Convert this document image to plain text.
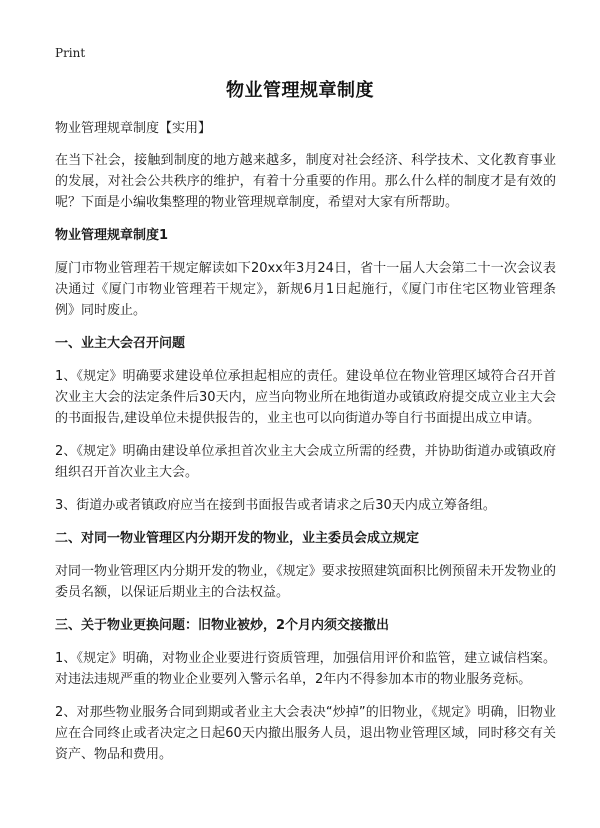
Print
物业管理规章制度
物业管理规章制度【实用】

在当下社会，接触到制度的地方越来越多，制度对社会经济、科学技术、文化教育事业的发展，对社会公共秩序的维护，有着十分重要的作用。那么什么样的制度才是有效的呢？下面是小编收集整理的物业管理规章制度，希望对大家有所帮助。

物业管理规章制度1

厦门市物业管理若干规定解读如下20xx年3月24日，省十一届人大会第二十一次会议表决通过《厦门市物业管理若干规定》，新规6月1日起施行，《厦门市住宅区物业管理条例》同时废止。

一、业主大会召开问题

1、《规定》明确要求建设单位承担起相应的责任。建设单位在物业管理区域符合召开首次业主大会的法定条件后30天内，应当向物业所在地街道办或镇政府提交成立业主大会的书面报告,建设单位未提供报告的，业主也可以向街道办等自行书面提出成立申请。

2、《规定》明确由建设单位承担首次业主大会成立所需的经费，并协助街道办或镇政府组织召开首次业主大会。

3、街道办或者镇政府应当在接到书面报告或者请求之后30天内成立筹备组。

二、对同一物业管理区内分期开发的物业，业主委员会成立规定

对同一物业管理区内分期开发的物业，《规定》要求按照建筑面积比例预留未开发物业的委员名额，以保证后期业主的合法权益。

三、关于物业更换问题：旧物业被炒，2个月内须交接撤出

1、《规定》明确，对物业企业要进行资质管理，加强信用评价和监管，建立诚信档案。对违法违规严重的物业企业要列入警示名单，2年内不得参加本市的物业服务竞标。

2、对那些物业服务合同到期或者业主大会表决“炒掉”的旧物业，《规定》明确，旧物业应在合同终止或者决定之日起60天内撤出服务人员，退出物业管理区域，同时移交有关资产、物品和费用。
